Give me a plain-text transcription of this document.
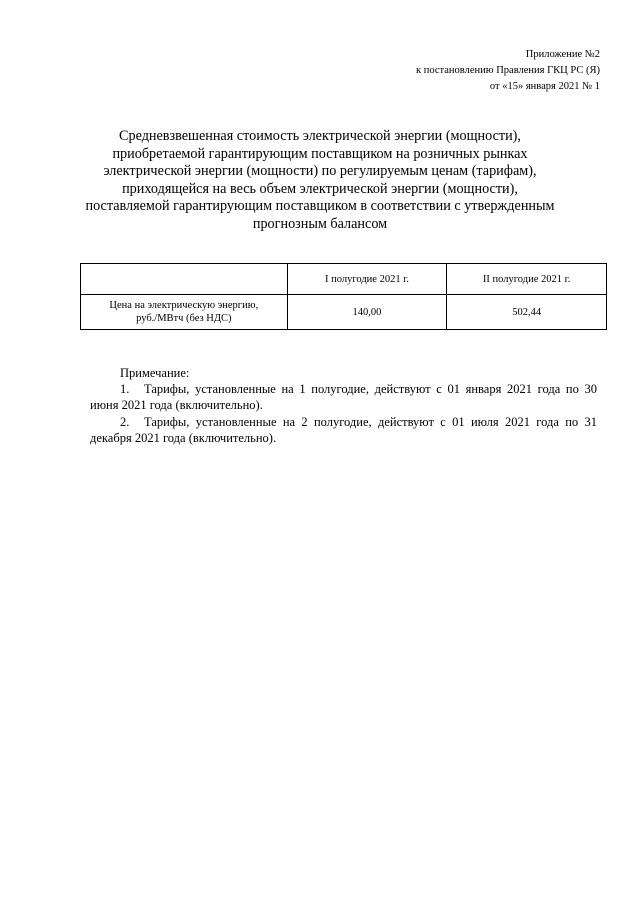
Приложение №2
к постановлению Правления ГКЦ РС (Я)
от «15» января 2021 № 1
Средневзвешенная стоимость электрической энергии (мощности),
приобретаемой гарантирующим поставщиком на розничных рынках
электрической энергии (мощности) по регулируемым ценам (тарифам),
приходящейся на весь объем электрической энергии (мощности),
поставляемой гарантирующим поставщиком в соответствии с утвержденным
прогнозным балансом
	I полугодие 2021 г.	II полугодие 2021 г.

Цена на электрическую энергию,
руб./МВтч (без НДС)	140,00	502,44
Примечание:
1. Тарифы, установленные на 1 полугодие, действуют с 01 января 2021 года по 30 июня 2021 года (включительно).
2. Тарифы, установленные на 2 полугодие, действуют с 01 июля 2021 года по 31 декабря 2021 года (включительно).
